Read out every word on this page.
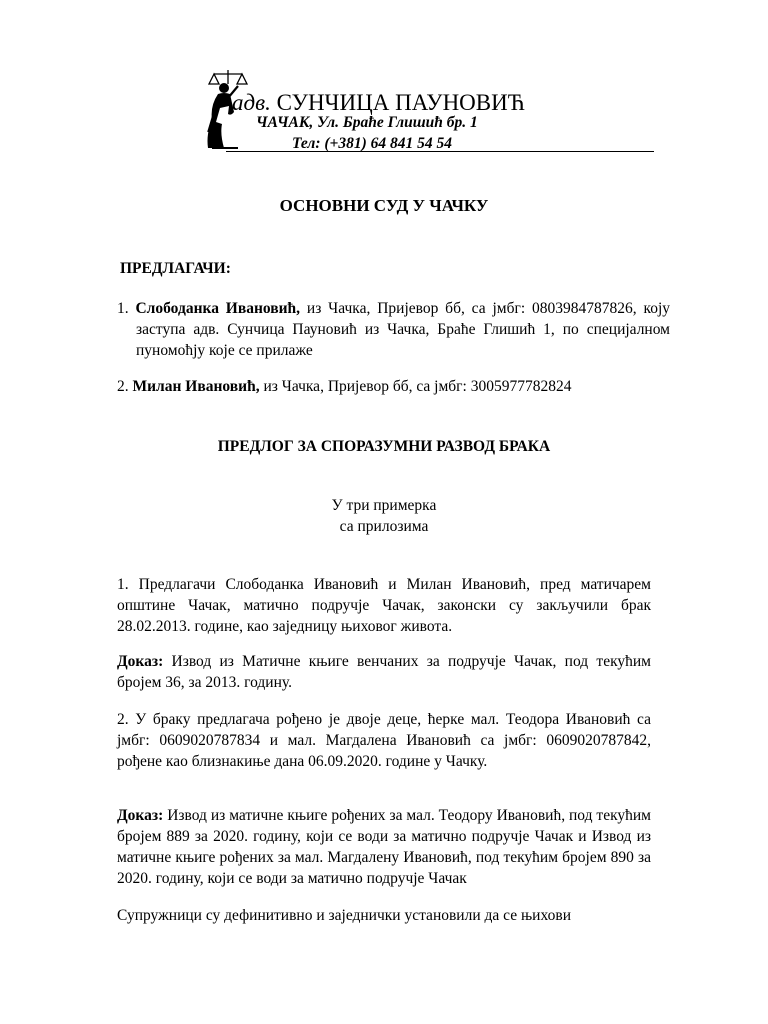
адв. СУНЧИЦА ПАУНОВИЋ
ЧАЧАК, Ул. Браће Глишић бр. 1
Тел: (+381) 64 841 54 54
ОСНОВНИ СУД У ЧАЧКУ
ПРЕДЛАГАЧИ:
1. Слободанка Ивановић, из Чачка, Пријевор бб, са јмбг: 0803984787826, коју заступа адв. Сунчица Пауновић из Чачка, Браће Глишић 1, по специјалном пуномоћју које се прилаже
2. Милан Ивановић, из Чачка, Пријевор бб, са јмбг: 3005977782824
ПРЕДЛОГ ЗА СПОРАЗУМНИ РАЗВОД БРАКА
У три примерка
са прилозима
1. Предлагачи Слободанка Ивановић и Милан Ивановић, пред матичарем општине Чачак, матично подручје Чачак, законски су закључили брак 28.02.2013. године, као заједницу њиховог живота.
Доказ: Извод из Матичне књиге венчаних за подручје Чачак, под текућим бројем 36, за 2013. годину.
2. У браку предлагача рођено је двоје деце, ћерке мал. Теодора Ивановић са јмбг: 0609020787834 и мал. Магдалена Ивановић са јмбг: 0609020787842, рођене као близнакиње дана 06.09.2020. године у Чачку.
Доказ: Извод из матичне књиге рођених за мал. Теодору Ивановић, под текућим бројем 889 за 2020. годину, који се води за матично подручје Чачак и Извод из матичне књиге рођених за мал. Магдалену Ивановић, под текућим бројем 890 за 2020. годину, који се води за матично подручје Чачак
Супружници су дефинитивно и заједнички установили да се њихови
